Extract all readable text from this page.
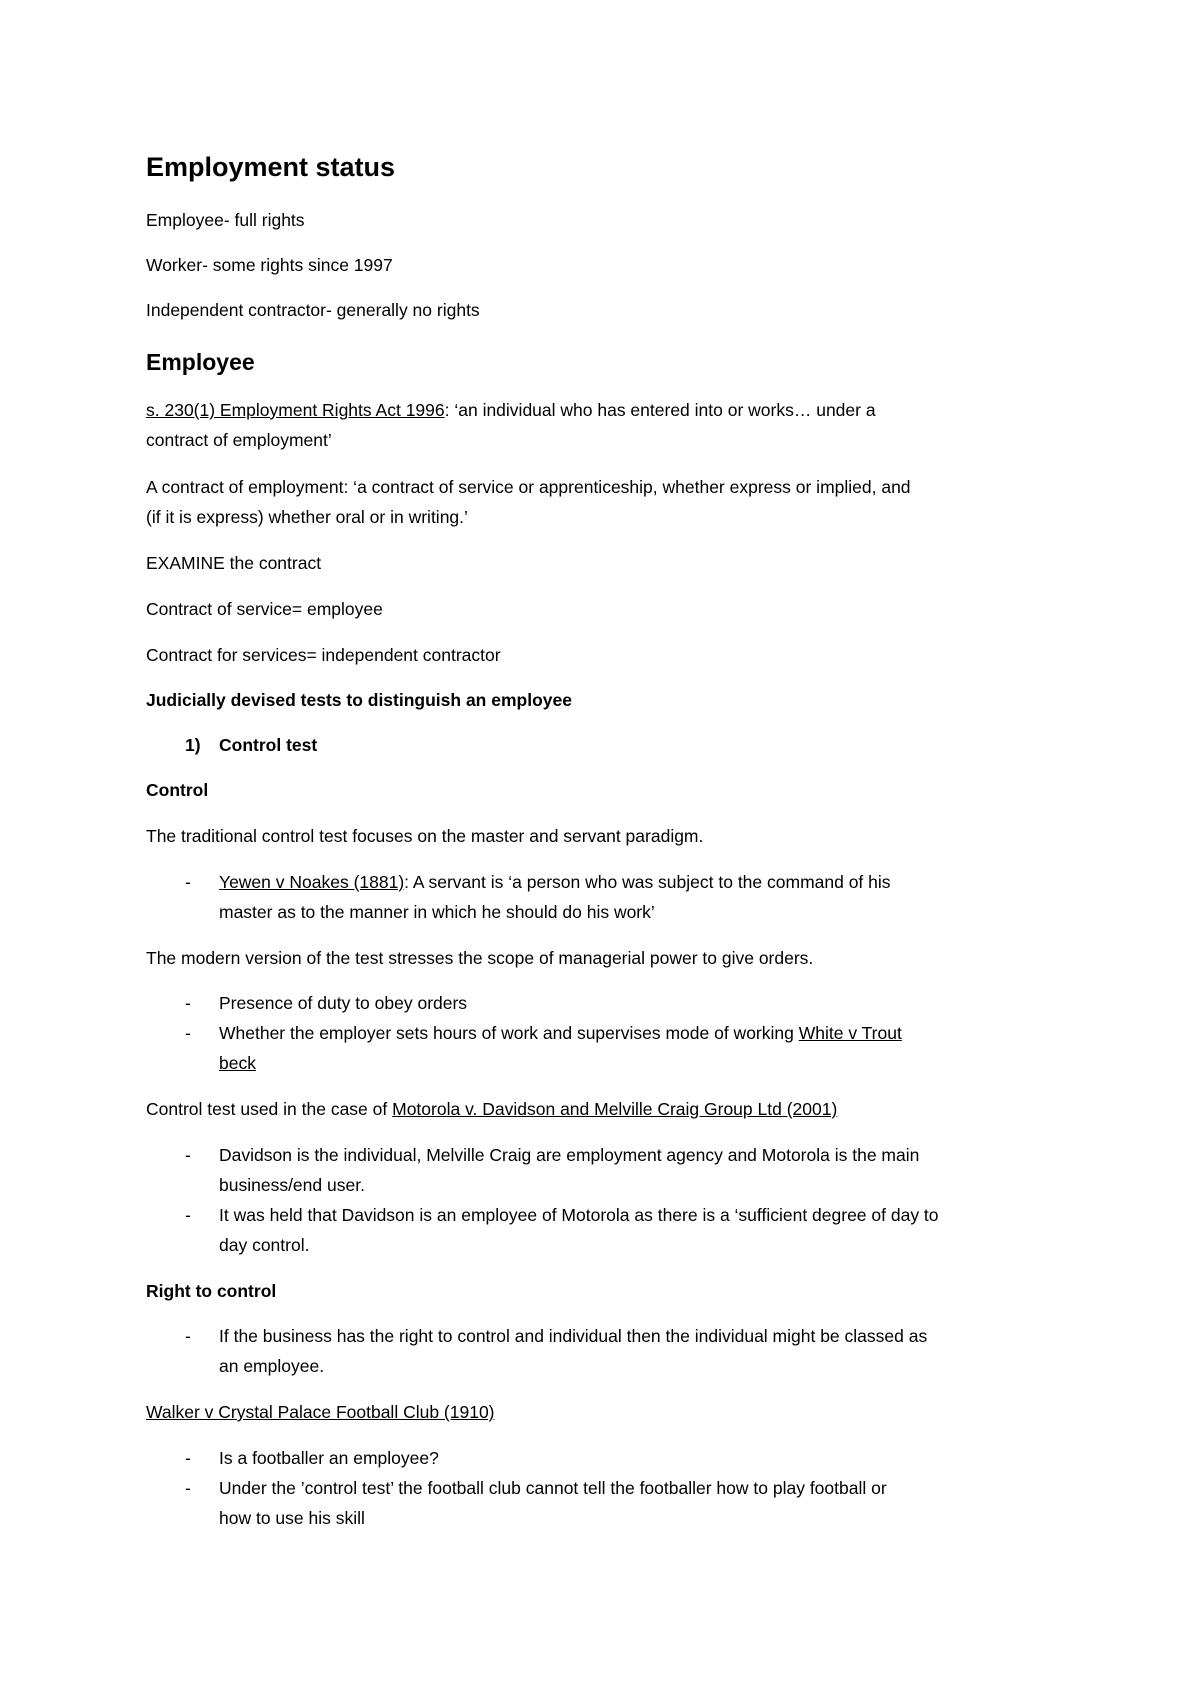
Employment status
Employee- full rights
Worker- some rights since 1997
Independent contractor- generally no rights
Employee
s. 230(1) Employment Rights Act 1996: ‘an individual who has entered into or works… under a
contract of employment’
A contract of employment: ‘a contract of service or apprenticeship, whether express or implied, and
(if it is express) whether oral or in writing.’
EXAMINE the contract
Contract of service= employee
Contract for services= independent contractor
Judicially devised tests to distinguish an employee
1) Control test
Control
The traditional control test focuses on the master and servant paradigm.
- Yewen v Noakes (1881): A servant is ‘a person who was subject to the command of his
master as to the manner in which he should do his work’
The modern version of the test stresses the scope of managerial power to give orders.
- Presence of duty to obey orders
- Whether the employer sets hours of work and supervises mode of working White v Trout
beck
Control test used in the case of Motorola v. Davidson and Melville Craig Group Ltd (2001)
- Davidson is the individual, Melville Craig are employment agency and Motorola is the main
business/end user.
- It was held that Davidson is an employee of Motorola as there is a ‘sufficient degree of day to
day control.
Right to control
- If the business has the right to control and individual then the individual might be classed as
an employee.
Walker v Crystal Palace Football Club (1910)
- Is a footballer an employee?
- Under the ’control test’ the football club cannot tell the footballer how to play football or
how to use his skill
